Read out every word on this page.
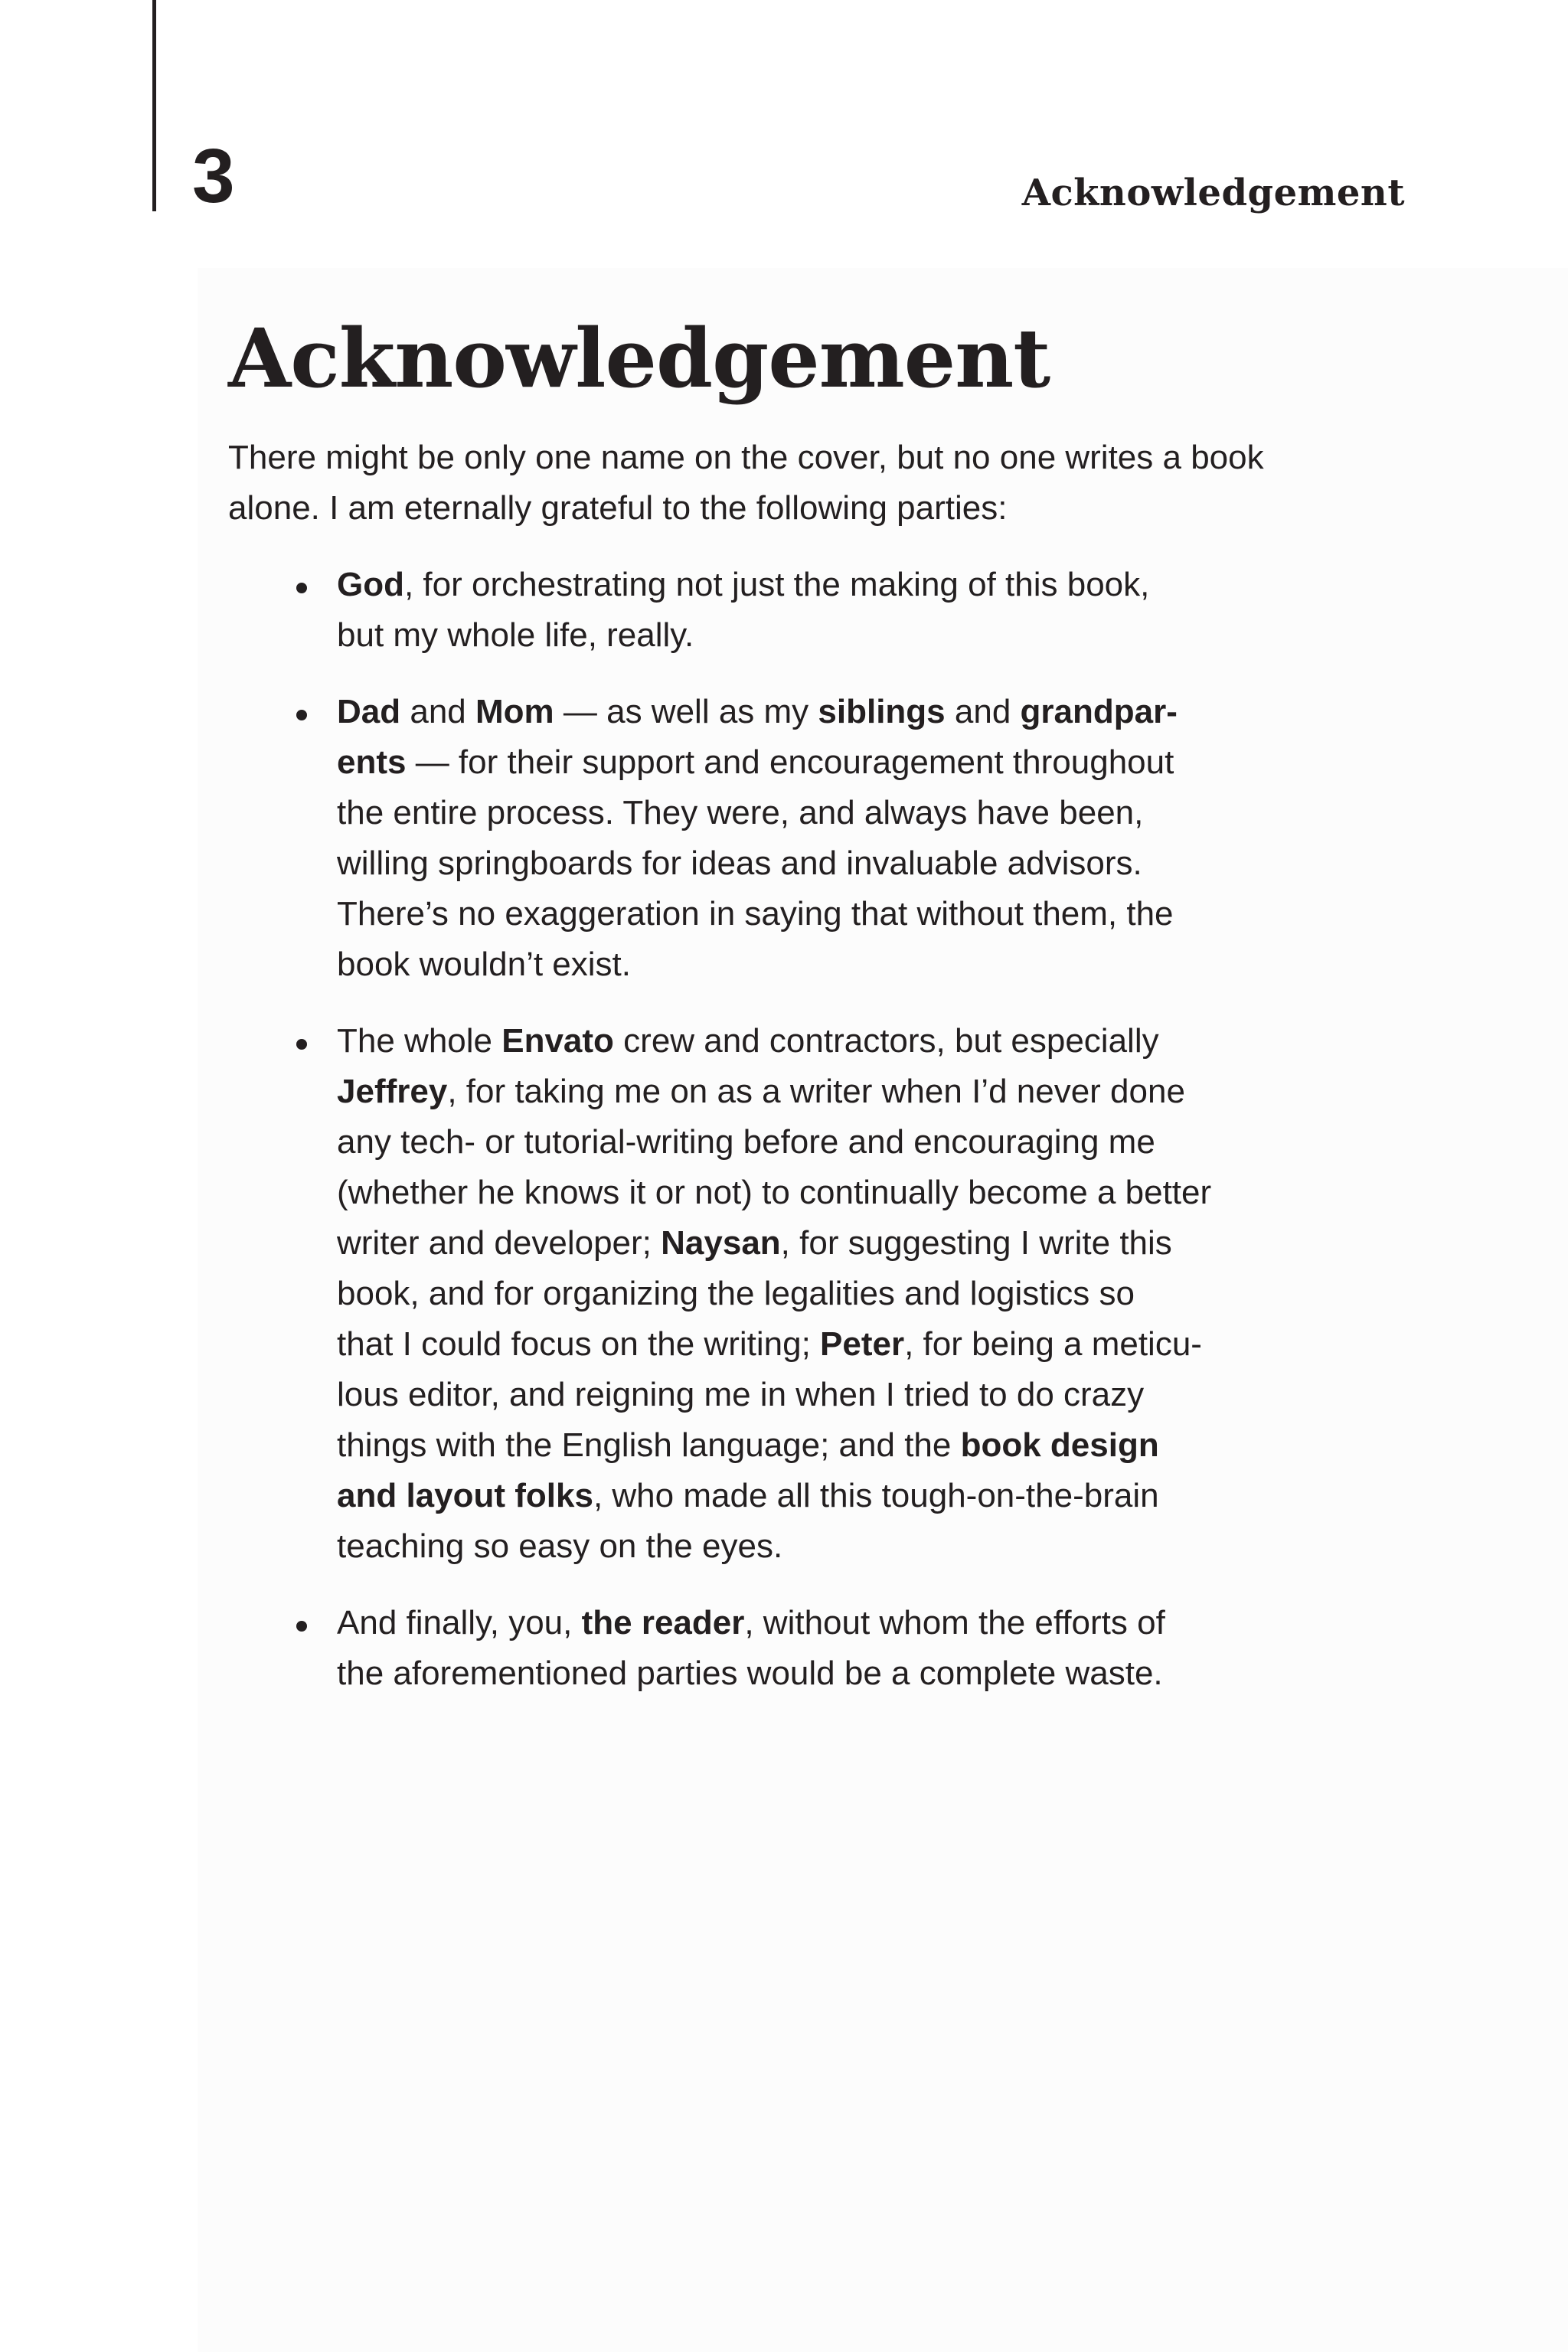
3	Acknowledgement
Acknowledgement

There might be only one name on the cover, but no one writes a book alone. I am eternally grateful to the following parties:

God, for orchestrating not just the making of this book,
but my whole life, really.
Dad and Mom — as well as my siblings and grandpar-
ents — for their support and encouragement throughout
the entire process. They were, and always have been,
willing springboards for ideas and invaluable advisors.
There’s no exaggeration in saying that without them, the
book wouldn’t exist.
The whole Envato crew and contractors, but especially
Jeffrey, for taking me on as a writer when I’d never done
any tech- or tutorial-writing before and encouraging me
(whether he knows it or not) to continually become a better
writer and developer; Naysan, for suggesting I write this
book, and for organizing the legalities and logistics so
that I could focus on the writing; Peter, for being a meticu-
lous editor, and reigning me in when I tried to do crazy
things with the English language; and the book design
and layout folks, who made all this tough-on-the-brain
teaching so easy on the eyes.
And finally, you, the reader, without whom the efforts of
the aforementioned parties would be a complete waste.
